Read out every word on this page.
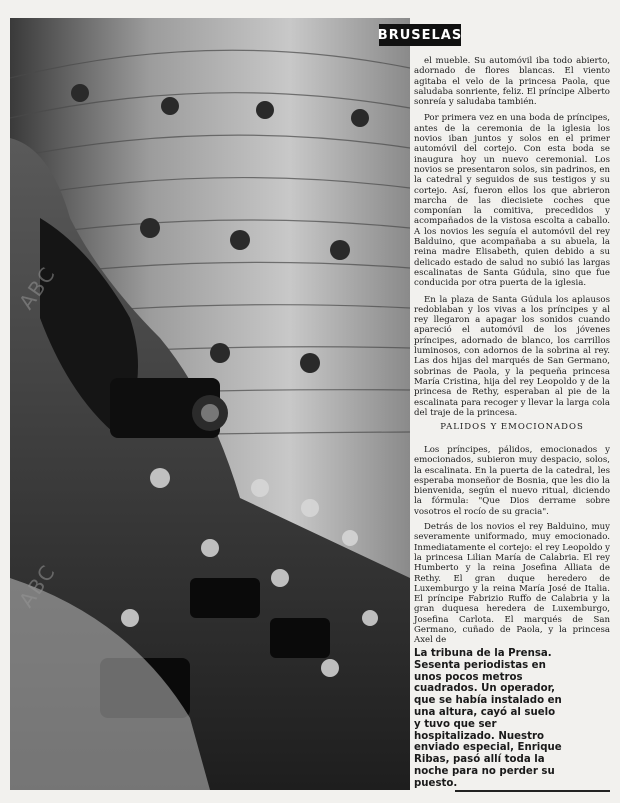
ABC
ABC
BRUSELAS

el mueble. Su automóvil iba todo abierto, adornado de flores blancas. El viento agitaba el velo de la princesa Paola, que saludaba sonriente, feliz. El príncipe Alberto sonreía y saludaba también.

Por primera vez en una boda de príncipes, antes de la ceremonia de la iglesia los novios iban juntos y solos en el primer automóvil del cortejo. Con esta boda se inaugura hoy un nuevo ceremonial. Los novios se presentaron solos, sin padrinos, en la catedral y seguidos de sus testigos y su cortejo. Así, fueron ellos los que abrieron marcha de las diecisiete coches que componían la comitiva, precedidos y acompañados de la vistosa escolta a caballo. A los novios les seguía el automóvil del rey Balduino, que acompañaba a su abuela, la reina madre Elisabeth, quien debido a su delicado estado de salud no subió las largas escalinatas de Santa Gúdula, sino que fue conducida por otra puerta de la iglesia.

En la plaza de Santa Gúdula los aplausos redoblaban y los vivas a los príncipes y al rey llegaron a apagar los sonidos cuando apareció el automóvil de los jóvenes príncipes, adornado de blanco, los carrillos luminosos, con adornos de la sobrina al rey. Las dos hijas del marqués de San Germano, sobrinas de Paola, y la pequeña princesa María Cristina, hija del rey Leopoldo y de la princesa de Rethy, esperaban al pie de la escalinata para recoger y llevar la larga cola del traje de la princesa.

PALIDOS Y EMOCIONADOS

Los príncipes, pálidos, emocionados y emocionados, subieron muy despacio, solos, la escalinata. En la puerta de la catedral, les esperaba monseñor de Bosnia, que les dio la bienvenida, según el nuevo ritual, diciendo la fórmula: "Que Dios derrame sobre vosotros el rocío de su gracia".

Detrás de los novios el rey Balduino, muy severamente uniformado, muy emocionado. Inmediatamente el cortejo: el rey Leopoldo y la princesa Lilian María de Calabria. El rey Humberto y la reina Josefina Alliata de Rethy. El gran duque heredero de Luxemburgo y la reina María José de Italia. El príncipe Fabrizio Ruffo de Calabria y la gran duquesa heredera de Luxemburgo, Josefina Carlota. El marqués de San Germano, cuñado de Paola, y la princesa Axel de

La tribuna de la Prensa. Sesenta periodistas en unos pocos metros cuadrados. Un operador, que se había instalado en una altura, cayó al suelo y tuvo que ser hospitalizado. Nuestro enviado especial, Enrique Ribas, pasó allí toda la noche para no perder su puesto.
